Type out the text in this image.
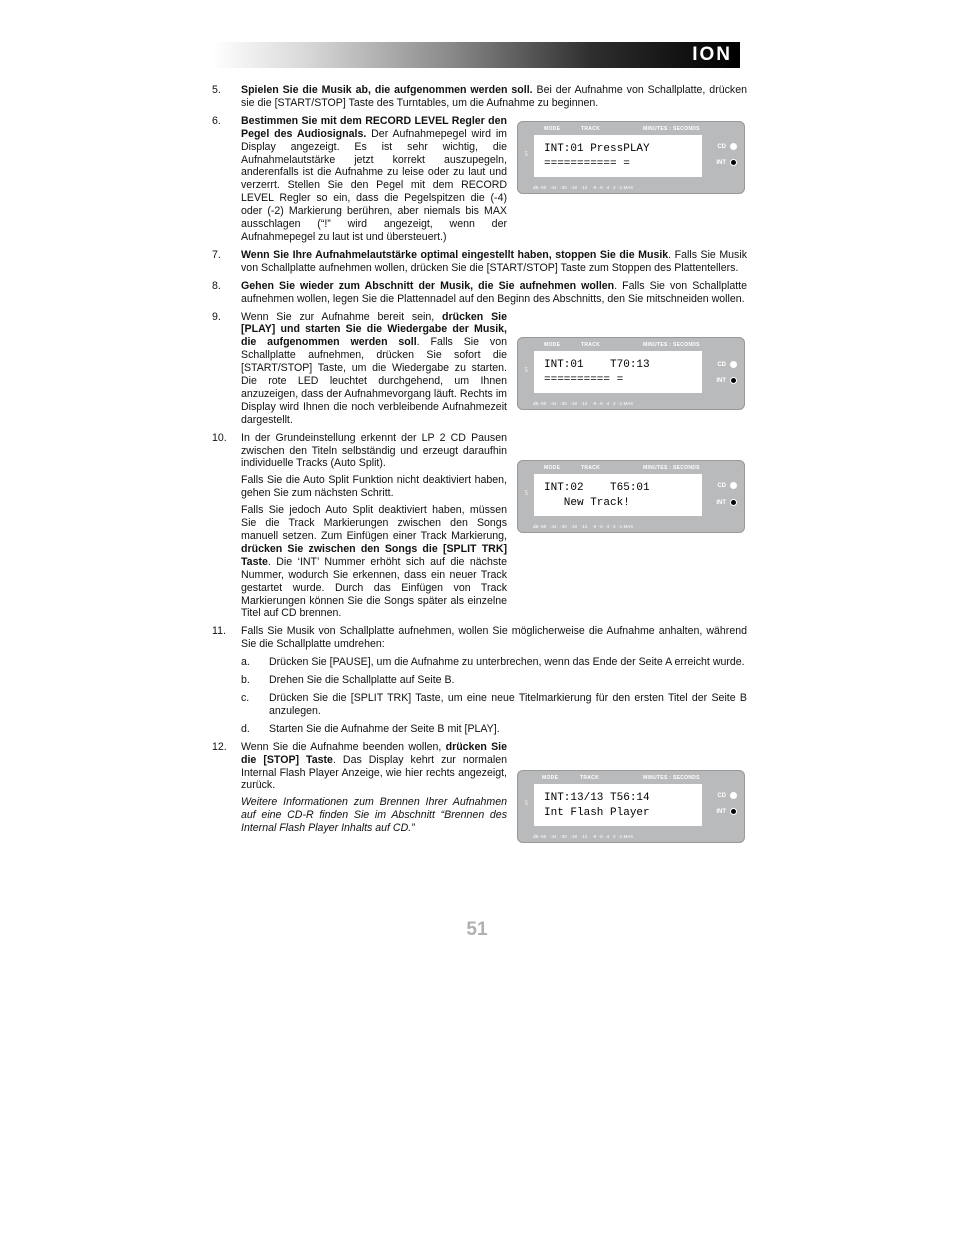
ION
5. Spielen Sie die Musik ab, die aufgenommen werden soll. Bei der Aufnahme von Schallplatte, drücken sie die [START/STOP] Taste des Turntables, um die Aufnahme zu beginnen.
6. Bestimmen Sie mit dem RECORD LEVEL Regler den Pegel des Audiosignals. Der Aufnahmepegel wird im Display angezeigt. Es ist sehr wichtig, die Aufnahmelautstärke jetzt korrekt auszupegeln, anderenfalls ist die Aufnahme zu leise oder zu laut und verzerrt. Stellen Sie den Pegel mit dem RECORD LEVEL Regler so ein, dass die Pegelspitzen die (-4) oder (-2) Markierung berühren, aber niemals bis MAX ausschlagen (“!” wird angezeigt, wenn der Aufnahmepegel zu laut ist und übersteuert.)
7. Wenn Sie Ihre Aufnahmelautstärke optimal eingestellt haben, stoppen Sie die Musik. Falls Sie Musik von Schallplatte aufnehmen wollen, drücken Sie die [START/STOP] Taste zum Stoppen des Plattentellers.
8. Gehen Sie wieder zum Abschnitt der Musik, die Sie aufnehmen wollen. Falls Sie von Schallplatte aufnehmen wollen, legen Sie die Plattennadel auf den Beginn des Abschnitts, den Sie mitschneiden wollen.
9. Wenn Sie zur Aufnahme bereit sein, drücken Sie [PLAY] und starten Sie die Wiedergabe der Musik, die aufgenommen werden soll. Falls Sie von Schallplatte aufnehmen, drücken Sie sofort die [START/STOP] Taste, um die Wiedergabe zu starten. Die rote LED leuchtet durchgehend, um Ihnen anzuzeigen, dass der Aufnahmevorgang läuft. Rechts im Display wird Ihnen die noch verbleibende Aufnahmezeit dargestellt.
10. In der Grundeinstellung erkennt der LP 2 CD Pausen zwischen den Titeln selbständig und erzeugt daraufhin individuelle Tracks (Auto Split).

Falls Sie die Auto Split Funktion nicht deaktiviert haben, gehen Sie zum nächsten Schritt.

Falls Sie jedoch Auto Split deaktiviert haben, müssen Sie die Track Markierungen zwischen den Songs manuell setzen. Zum Einfügen einer Track Markierung, drücken Sie zwischen den Songs die [SPLIT TRK] Taste. Die ‘INT’ Nummer erhöht sich auf die nächste Nummer, wodurch Sie erkennen, dass ein neuer Track gestartet wurde. Durch das Einfügen von Track Markierungen können Sie die Songs später als einzelne Titel auf CD brennen.

11. Falls Sie Musik von Schallplatte aufnehmen, wollen Sie möglicherweise die Aufnahme anhalten, während Sie die Schallplatte umdrehen:
a. Drücken Sie [PAUSE], um die Aufnahme zu unterbrechen, wenn das Ende der Seite A erreicht wurde.
b. Drehen Sie die Schallplatte auf Seite B.
c. Drücken Sie die [SPLIT TRK] Taste, um eine neue Titelmarkierung für den ersten Titel der Seite B anzulegen.
d. Starten Sie die Aufnahme der Seite B mit [PLAY].
12. Wenn Sie die Aufnahme beenden wollen, drücken Sie die [STOP] Taste. Das Display kehrt zur normalen Internal Flash Player Anzeige, wie hier rechts angezeigt, zurück.

Weitere Informationen zum Brennen Ihrer Aufnahmen auf eine CD-R finden Sie im Abschnitt “Brennen des Internal Flash Player Inhalts auf CD.”

MODE	TRACK	MINUTES : SECONDS
LR INT:01 PressPLAY
=========== =
CD
INT
dB -60   -44   -30   -18   -12    -9  -6  -4  -2  -1 MAX
MODE	TRACK	MINUTES : SECONDS
LR INT:01    T70:13
========== =
CD
INT
dB -60   -44   -30   -18   -12    -9  -6  -4  -2  -1 MAX
MODE	TRACK	MINUTES : SECONDS
LR INT:02    T65:01
New Track!
CD
INT
dB -60   -44   -30   -18   -12    -9  -6  -4  -2  -1 MAX
MODE	TRACK	MINUTES : SECONDS
LR INT:13/13 T56:14
Int Flash Player
CD
INT
dB -60   -44   -30   -18   -12    -9  -6  -4  -2  -1 MAX
51
